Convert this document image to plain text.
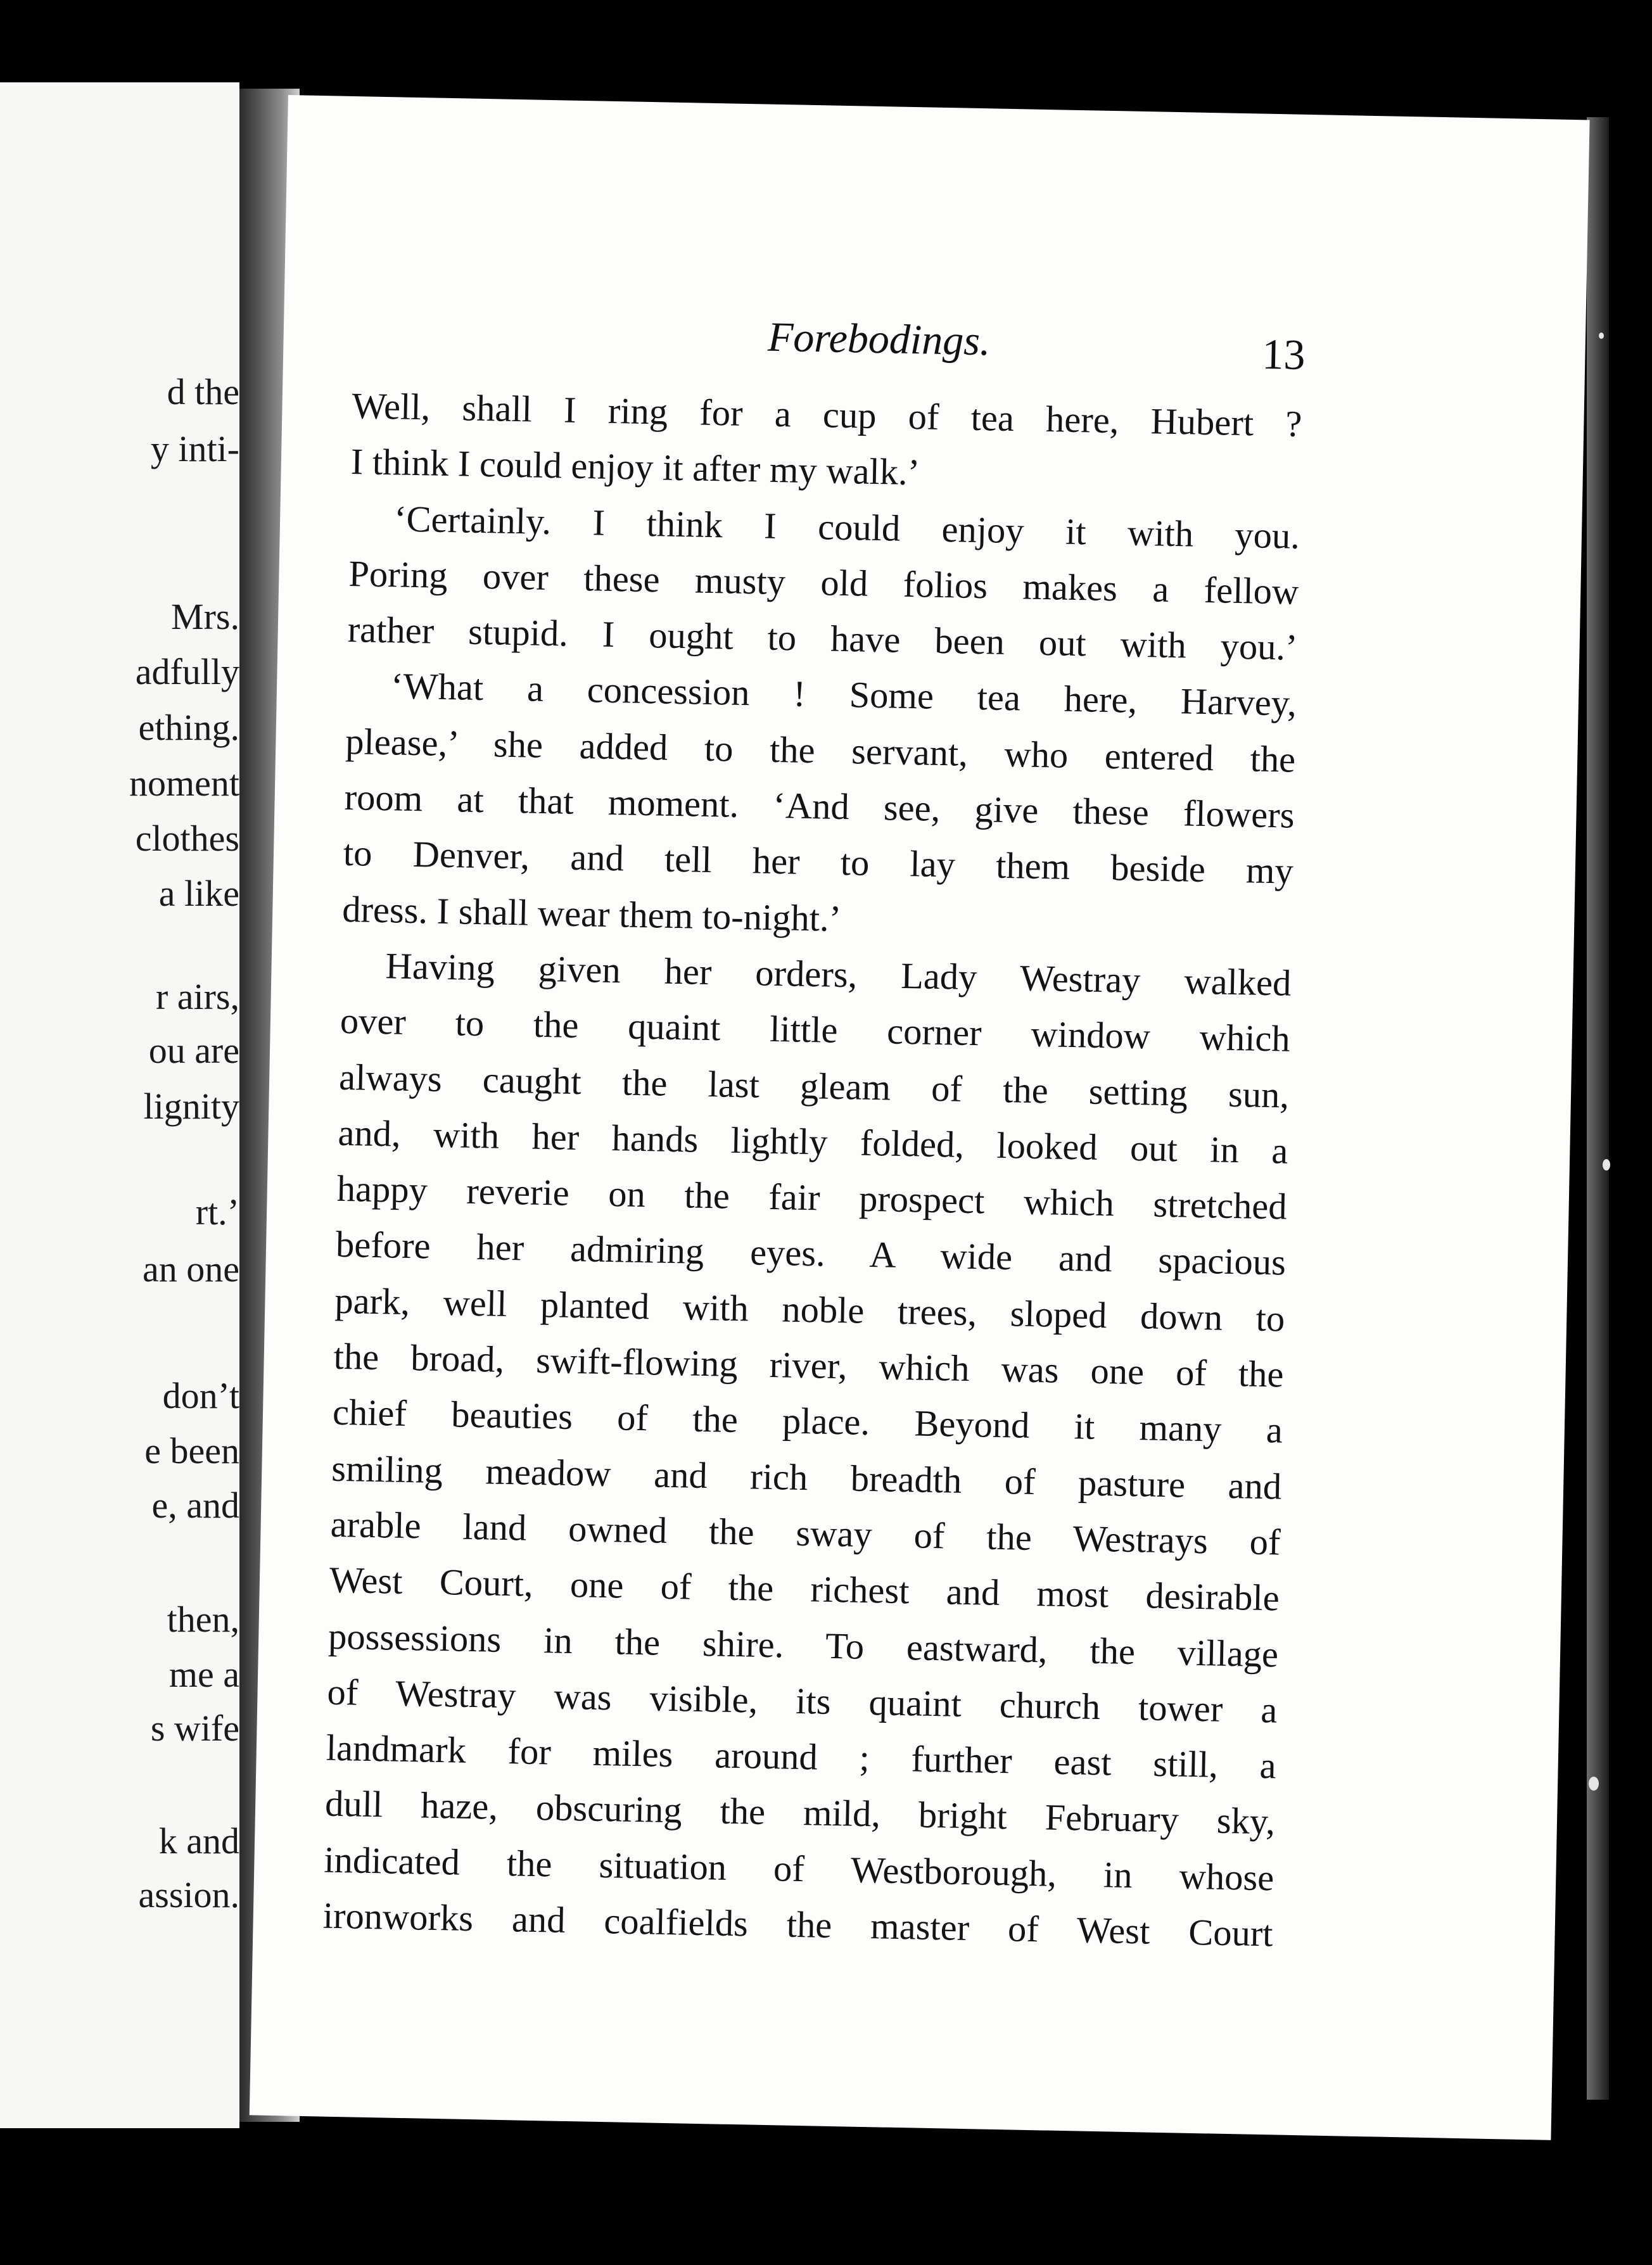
d the
y inti-
Mrs.
adfully
ething.
noment
clothes
a like
r airs,
ou are
lignity
rt.’
an one
don’t
e been
e, and
then,
me a
s wife
k and
assion.
Forebodings.	13
Well, shall I ring for a cup of tea here, Hubert ?
I think I could enjoy it after my walk.’
‘Certainly. I think I could enjoy it with you.
Poring over these musty old folios makes a fellow
rather stupid. I ought to have been out with you.’
‘What a concession ! Some tea here, Harvey,
please,’ she added to the servant, who entered the
room at that moment. ‘And see, give these flowers
to Denver, and tell her to lay them beside my
dress. I shall wear them to-night.’
Having given her orders, Lady Westray walked
over to the quaint little corner window which
always caught the last gleam of the setting sun,
and, with her hands lightly folded, looked out in a
happy reverie on the fair prospect which stretched
before her admiring eyes. A wide and spacious
park, well planted with noble trees, sloped down to
the broad, swift-flowing river, which was one of the
chief beauties of the place. Beyond it many a
smiling meadow and rich breadth of pasture and
arable land owned the sway of the Westrays of
West Court, one of the richest and most desirable
possessions in the shire. To eastward, the village
of Westray was visible, its quaint church tower a
landmark for miles around ; further east still, a
dull haze, obscuring the mild, bright February sky,
indicated the situation of Westborough, in whose
ironworks and coalfields the master of West Court
